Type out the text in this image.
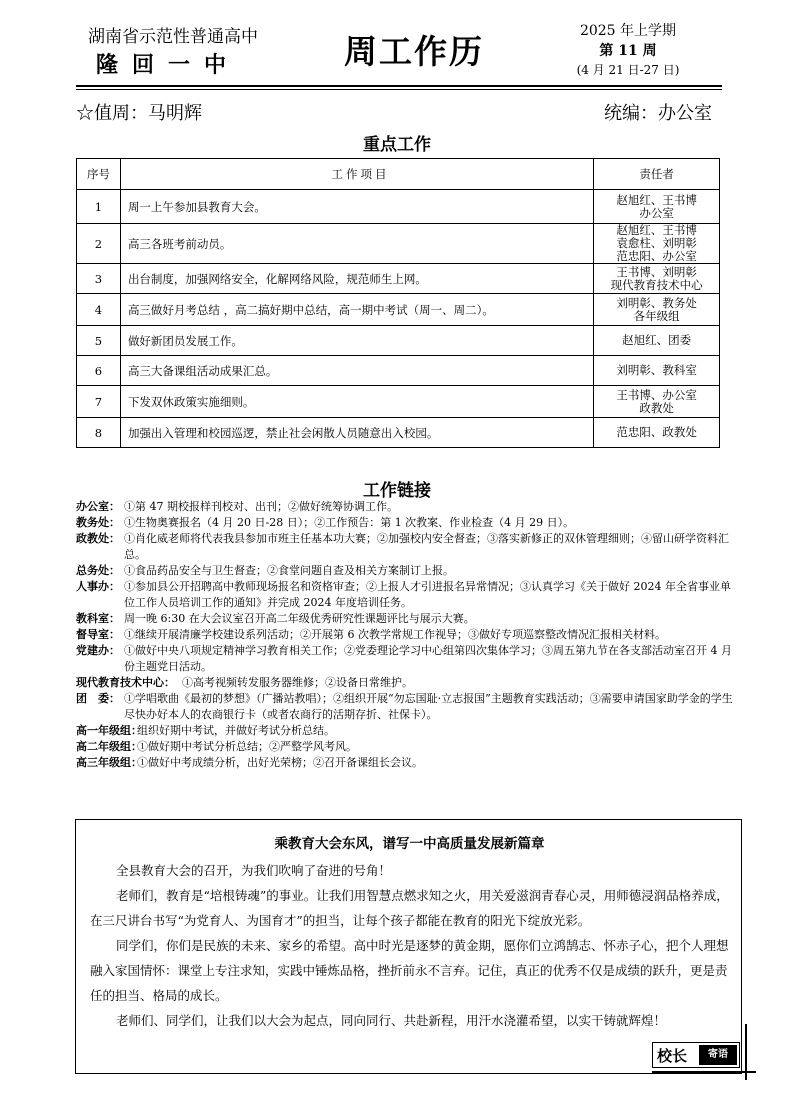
湖南省示范性普通高中
隆回一中	周工作历
2025 年上学期
第 11 周
(4 月 21 日-27 日)
☆值周：马明辉	统编：办公室
重点工作
序号	工作项目	责任者
1	周一上午参加县教育大会。	赵旭红、王书博
办公室

2	高三各班考前动员。	赵旭红、王书博
袁愈柱、刘明彰
范忠阳、办公室

3	出台制度，加强网络安全，化解网络风险，规范师生上网。	王书博、刘明彰
现代教育技术中心

4	高三做好月考总结 ，高二搞好期中总结，高一期中考试（周一、周二）。	刘明彰、教务处
各年级组

5	做好新团员发展工作。	赵旭红、团委

6	高三大备课组活动成果汇总。	刘明彰、教科室

7	下发双休政策实施细则。	王书博、办公室
政教处

8	加强出入管理和校园巡逻，禁止社会闲散人员随意出入校园。	范忠阳、政教处
工作链接
办公室： ①第 47 期校报样刊校对、出刊；②做好统筹协调工作。
教务处： ①生物奥赛报名（4 月 20 日-28 日）；②工作预告：第 1 次教案、作业检查（4 月 29 日）。
政教处： ①肖化威老师将代表我县参加市班主任基本功大赛；②加强校内安全督查；③落实新修正的双休管理细则；④留山研学资料汇总。
总务处： ①食品药品安全与卫生督查；②食堂问题自查及相关方案制订上报。
人事办： ①参加县公开招聘高中教师现场报名和资格审查；②上报人才引进报名异常情况；③认真学习《关于做好 2024 年全省事业单位工作人员培训工作的通知》并完成 2024 年度培训任务。
教科室： 周一晚 6:30 在大会议室召开高二年级优秀研究性课题评比与展示大赛。
督导室： ①继续开展清廉学校建设系列活动；②开展第 6 次教学常规工作视导；③做好专项巡察整改情况汇报相关材料。
党建办： ①做好中央八项规定精神学习教育相关工作；②党委理论学习中心组第四次集体学习；③周五第九节在各支部活动室召开 4 月份主题党日活动。
现代教育技术中心： ①高考视频转发服务器维修；②设备日常维护。
团　委： ①学唱歌曲《最初的梦想》（广播站教唱）；②组织开展“勿忘国耻·立志报国”主题教育实践活动；③需要申请国家助学金的学生尽快办好本人的农商银行卡（或者农商行的活期存折、社保卡）。
高一年级组：
组织好期中考试，并做好考试分析总结。
高二年级组：
①做好期中考试分析总结；②严整学风考风。
高三年级组：
①做好中考成绩分析，出好光荣榜；②召开备课组长会议。
乘教育大会东风，谱写一中高质量发展新篇章

全县教育大会的召开，为我们吹响了奋进的号角！

老师们，教育是“培根铸魂”的事业。让我们用智慧点燃求知之火，用关爱滋润青春心灵，用师德浸润品格养成，在三尺讲台书写“为党育人、为国育才”的担当，让每个孩子都能在教育的阳光下绽放光彩。

同学们，你们是民族的未来、家乡的希望。高中时光是逐梦的黄金期，愿你们立鸿鹄志、怀赤子心，把个人理想融入家国情怀：课堂上专注求知，实践中锤炼品格，挫折前永不言弃。记住，真正的优秀不仅是成绩的跃升，更是责任的担当、格局的成长。

老师们、同学们，让我们以大会为起点，同向同行、共赴新程，用汗水浇灌希望，以实干铸就辉煌！

校长	寄语
